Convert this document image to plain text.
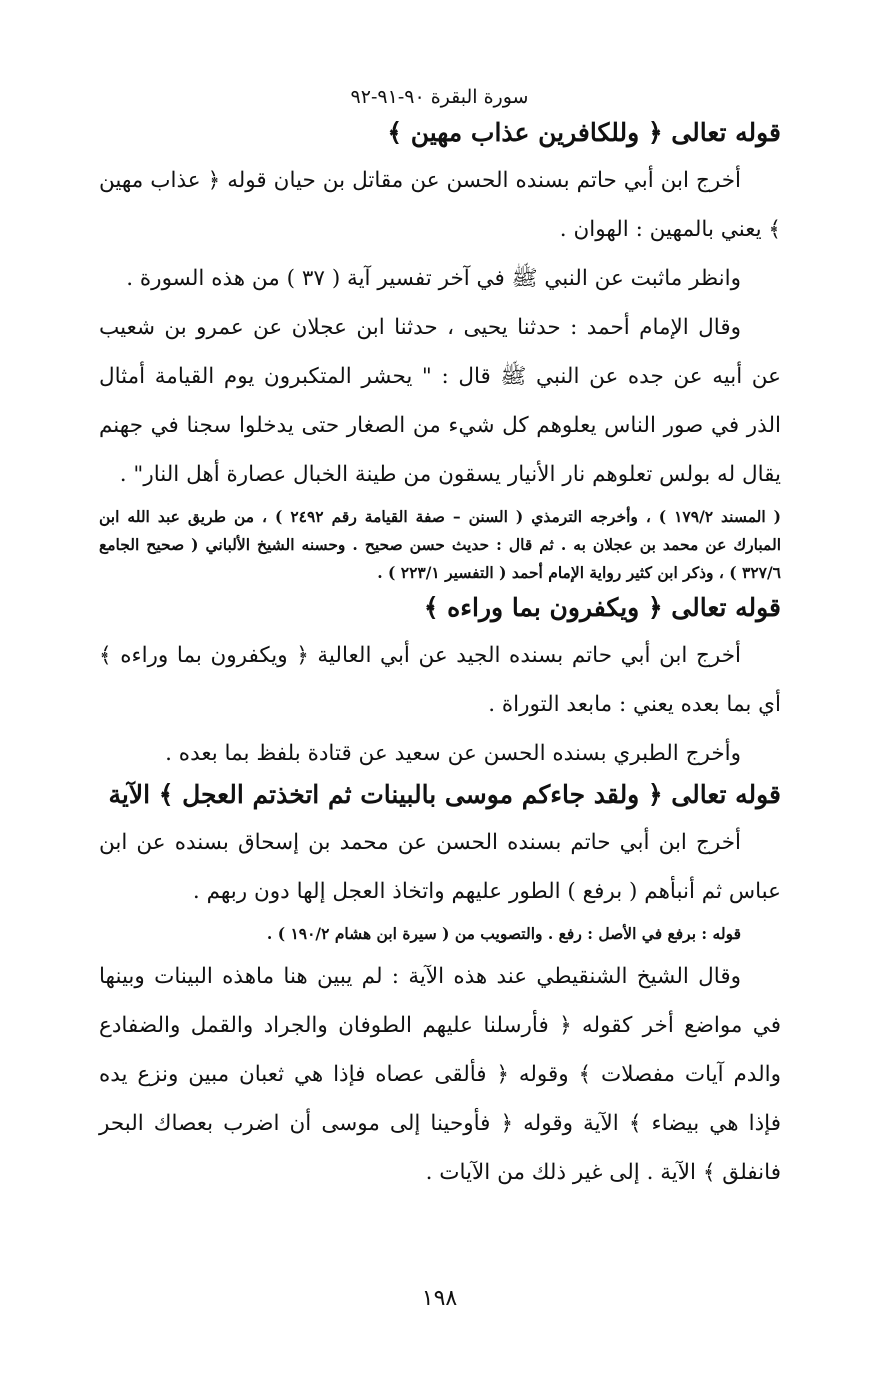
سورة البقرة ٩٠-٩١-٩٢

قوله تعالى ﴿ وللكافرين عذاب مهين ﴾

أخرج ابن أبي حاتم بسنده الحسن عن مقاتل بن حيان قوله ﴿ عذاب مهين ﴾ يعني بالمهين : الهوان .

وانظر ماثبت عن النبي ﷺ في آخر تفسير آية ( ٣٧ ) من هذه السورة .

وقال الإمام أحمد : حدثنا يحيى ، حدثنا ابن عجلان عن عمرو بن شعيب عن أبيه عن جده عن النبي ﷺ قال : " يحشر المتكبرون يوم القيامة أمثال الذر في صور الناس يعلوهم كل شيء من الصغار حتى يدخلوا سجنا في جهنم يقال له بولس تعلوهم نار الأنيار يسقون من طينة الخبال عصارة أهل النار" .

( المسند ١٧٩/٢ ) ، وأخرجه الترمذي ( السنن – صفة القيامة رقم ٢٤٩٢ ) ، من طريق عبد الله ابن المبارك عن محمد بن عجلان به . ثم قال : حديث حسن صحيح . وحسنه الشيخ الألباني ( صحيح الجامع ٣٢٧/٦ ) ، وذكر ابن كثير رواية الإمام أحمد ( التفسير ٢٢٣/١ ) .

قوله تعالى ﴿ ويكفرون بما وراءه ﴾

أخرج ابن أبي حاتم بسنده الجيد عن أبي العالية ﴿ ويكفرون بما وراءه ﴾ أي بما بعده يعني : مابعد التوراة .

وأخرج الطبري بسنده الحسن عن سعيد عن قتادة بلفظ بما بعده .

قوله تعالى ﴿ ولقد جاءكم موسى بالبينات ثم اتخذتم العجل ﴾ الآية

أخرج ابن أبي حاتم بسنده الحسن عن محمد بن إسحاق بسنده عن ابن عباس ثم أنبأهم ( برفع ) الطور عليهم واتخاذ العجل إلها دون ربهم .

قوله : برفع في الأصل : رفع . والتصويب من ( سيرة ابن هشام ١٩٠/٢ ) .

وقال الشيخ الشنقيطي عند هذه الآية : لم يبين هنا ماهذه البينات وبينها في مواضع أخر كقوله ﴿ فأرسلنا عليهم الطوفان والجراد والقمل والضفادع والدم آيات مفصلات ﴾ وقوله ﴿ فألقى عصاه فإذا هي ثعبان مبين ونزع يده فإذا هي بيضاء ﴾ الآية وقوله ﴿ فأوحينا إلى موسى أن اضرب بعصاك البحر فانفلق ﴾ الآية . إلى غير ذلك من الآيات .

١٩٨
